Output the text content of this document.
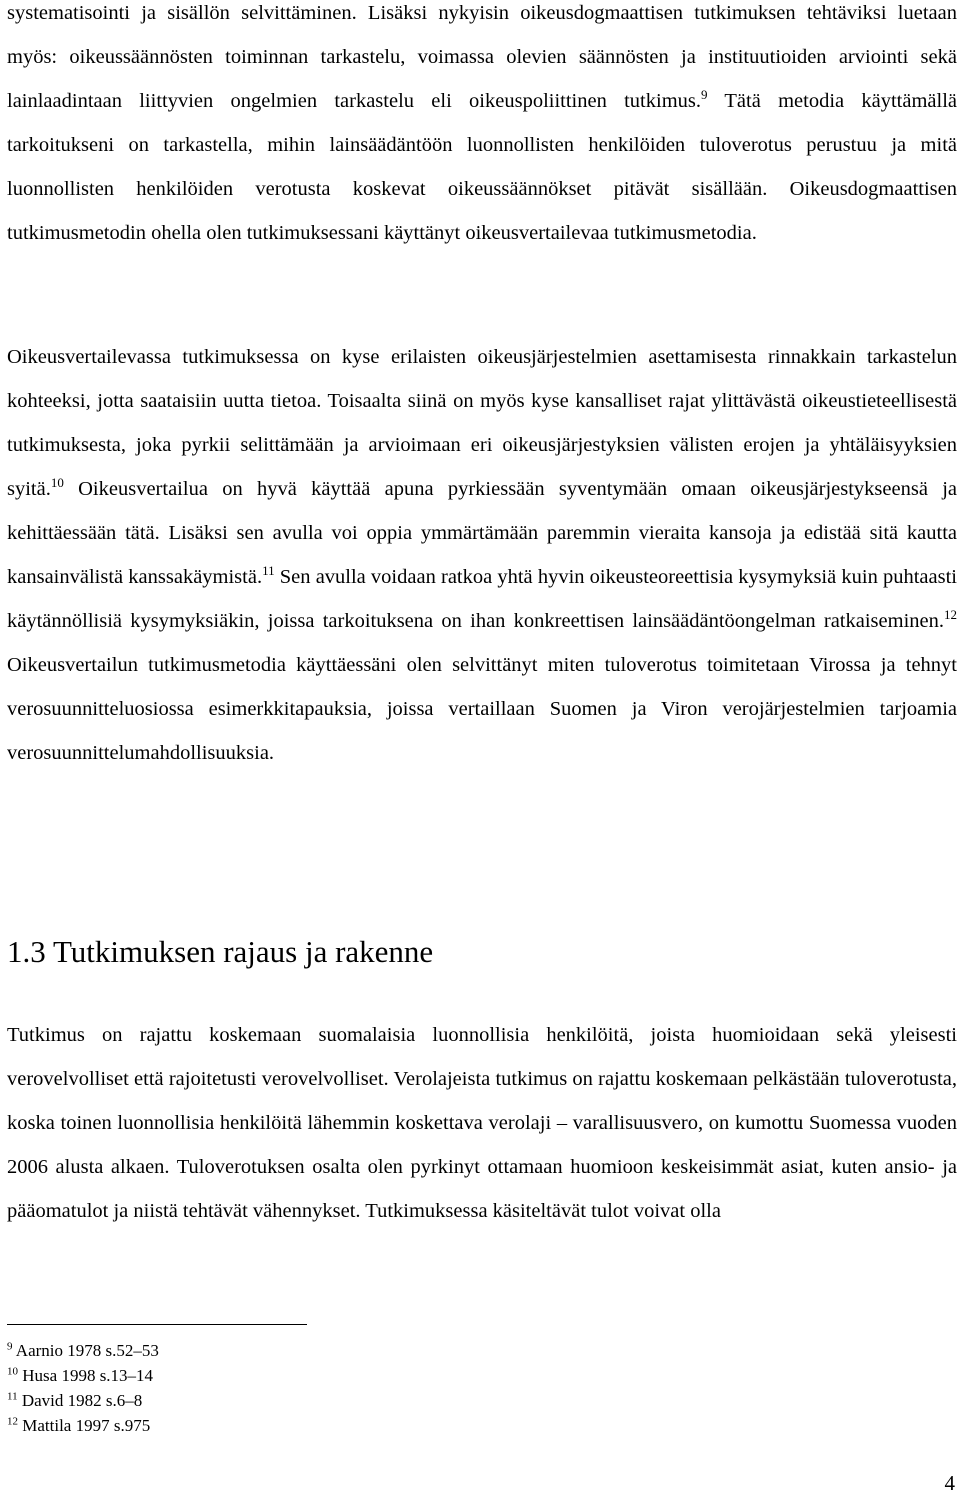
systematisointi ja sisällön selvittäminen. Lisäksi nykyisin oikeusdogmaattisen tutkimuksen tehtäviksi luetaan myös: oikeussäännösten toiminnan tarkastelu, voimassa olevien säännösten ja instituutioiden arviointi sekä lainlaadintaan liittyvien ongelmien tarkastelu eli oikeuspoliittinen tutkimus.$^9$ Tätä metodia käyttämällä tarkoitukseni on tarkastella, mihin lainsäädäntöön luonnollisten henkilöiden tuloverotus perustuu ja mitä luonnollisten henkilöiden verotusta koskevat oikeussäännökset pitävät sisällään. Oikeusdogmaattisen tutkimusmetodin ohella olen tutkimuksessani käyttänyt oikeusvertailevaa tutkimusmetodia.

Oikeusvertailevassa tutkimuksessa on kyse erilaisten oikeusjärjestelmien asettamisesta rinnakkain tarkastelun kohteeksi, jotta saataisiin uutta tietoa. Toisaalta siinä on myös kyse kansalliset rajat ylittävästä oikeustieteellisestä tutkimuksesta, joka pyrkii selittämään ja arvioimaan eri oikeusjärjestyksien välisten erojen ja yhtäläisyyksien syitä.$^{10}$ Oikeusvertailua on hyvä käyttää apuna pyrkiessään syventymään omaan oikeusjärjestykseensä ja kehittäessään tätä. Lisäksi sen avulla voi oppia ymmärtämään paremmin vieraita kansoja ja edistää sitä kautta kansainvälistä kanssakäymistä.$^{11}$ Sen avulla voidaan ratkoa yhtä hyvin oikeusteoreettisia kysymyksiä kuin puhtaasti käytännöllisiä kysymyksiäkin, joissa tarkoituksena on ihan konkreettisen lainsäädäntöongelman ratkaiseminen.$^{12}$ Oikeusvertailun tutkimusmetodia käyttäessäni olen selvittänyt miten tuloverotus toimitetaan Virossa ja tehnyt verosuunnitteluosiossa esimerkkitapauksia, joissa vertaillaan Suomen ja Viron verojärjestelmien tarjoamia verosuunnittelumahdollisuuksia.

1.3 Tutkimuksen rajaus ja rakenne

Tutkimus on rajattu koskemaan suomalaisia luonnollisia henkilöitä, joista huomioidaan sekä yleisesti verovelvolliset että rajoitetusti verovelvolliset. Verolajeista tutkimus on rajattu koskemaan pelkästään tuloverotusta, koska toinen luonnollisia henkilöitä lähemmin koskettava verolaji – varallisuusvero, on kumottu Suomessa vuoden 2006 alusta alkaen. Tuloverotuksen osalta olen pyrkinyt ottamaan huomioon keskeisimmät asiat, kuten ansio- ja pääomatulot ja niistä tehtävät vähennykset. Tutkimuksessa käsiteltävät tulot voivat olla

$^9$ Aarnio 1978 s.52–53
$^{10}$ Husa 1998 s.13–14
$^{11}$ David 1982 s.6–8
$^{12}$ Mattila 1997 s.975
4
